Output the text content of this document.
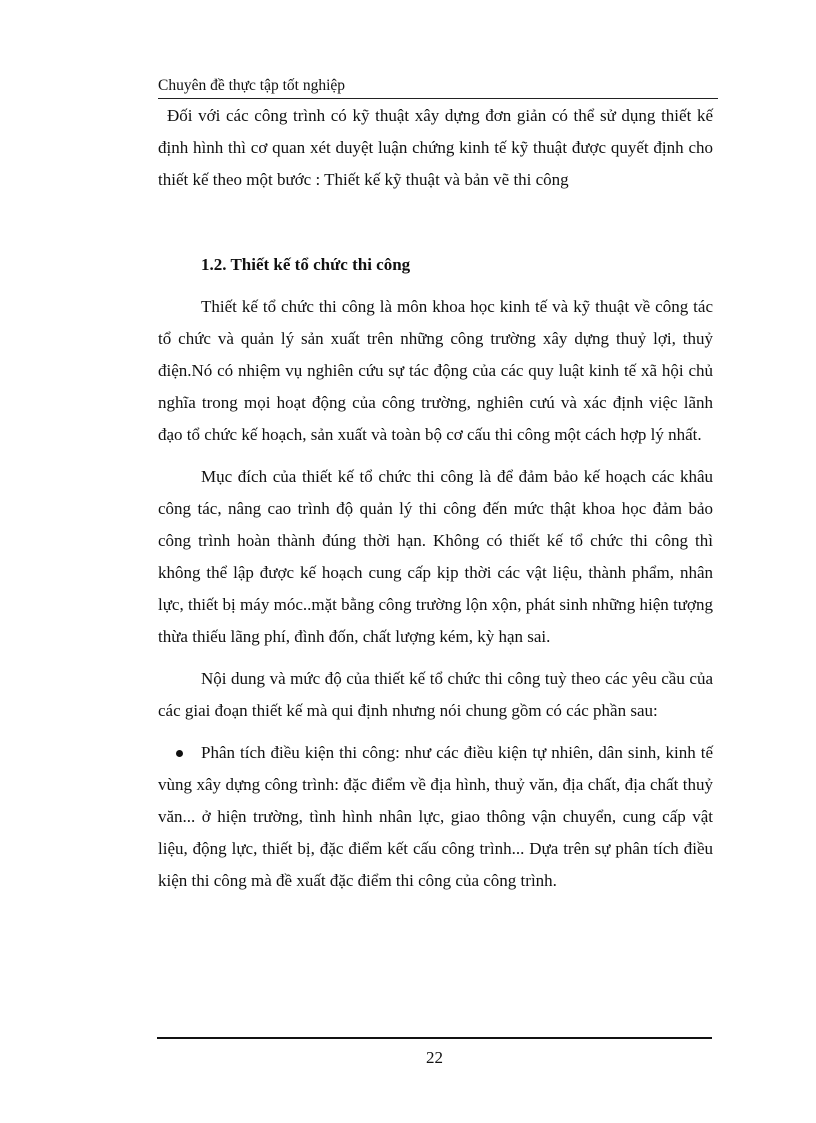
Chuyên đề thực tập tốt nghiệp

Đối với các công trình có kỹ thuật xây dựng đơn giản có thể sử dụng thiết kế định hình thì cơ quan xét duyệt luận chứng kinh tế kỹ thuật được quyết định cho thiết kế theo một bước : Thiết kế kỹ thuật và bản vẽ thi công

1.2. Thiết kế tổ chức thi công

Thiết kế tổ chức thi công là môn khoa học kinh tế và kỹ thuật về công tác tổ chức và quản lý sản xuất trên những công trường xây dựng thuỷ lợi, thuỷ điện.Nó có nhiệm vụ nghiên cứu sự tác động của các quy luật kinh tế xã hội chủ nghĩa trong mọi hoạt động của công trường, nghiên cưú và xác định việc lãnh đạo tổ chức kế hoạch, sản xuất và toàn bộ cơ cấu thi công một cách hợp lý nhất.

Mục đích của thiết kế tổ chức thi công là để đảm bảo kế hoạch các khâu công tác, nâng cao trình độ quản lý thi công đến mức thật khoa học đảm bảo công trình hoàn thành đúng thời hạn. Không có thiết kế tổ chức thi công thì không thể lập được kế hoạch cung cấp kịp thời các vật liệu, thành phẩm, nhân lực, thiết bị máy móc..mặt bằng công trường lộn xộn, phát sinh những hiện tượng thừa thiếu lãng phí, đình đốn, chất lượng kém, kỳ hạn sai.

Nội dung và mức độ của thiết kế tổ chức thi công tuỳ theo các yêu cầu của các giai đoạn thiết kế mà qui định nhưng nói chung gồm có các phần sau:

Phân tích điều kiện thi công: như các điều kiện tự nhiên, dân sinh, kinh tế vùng xây dựng công trình: đặc điểm về địa hình, thuỷ văn, địa chất, địa chất thuỷ văn... ở hiện trường, tình hình nhân lực, giao thông vận chuyển, cung cấp vật liệu, động lực, thiết bị, đặc điểm kết cấu công trình... Dựa trên sự phân tích điều kiện thi công mà đề xuất đặc điểm thi công của công trình.
22
